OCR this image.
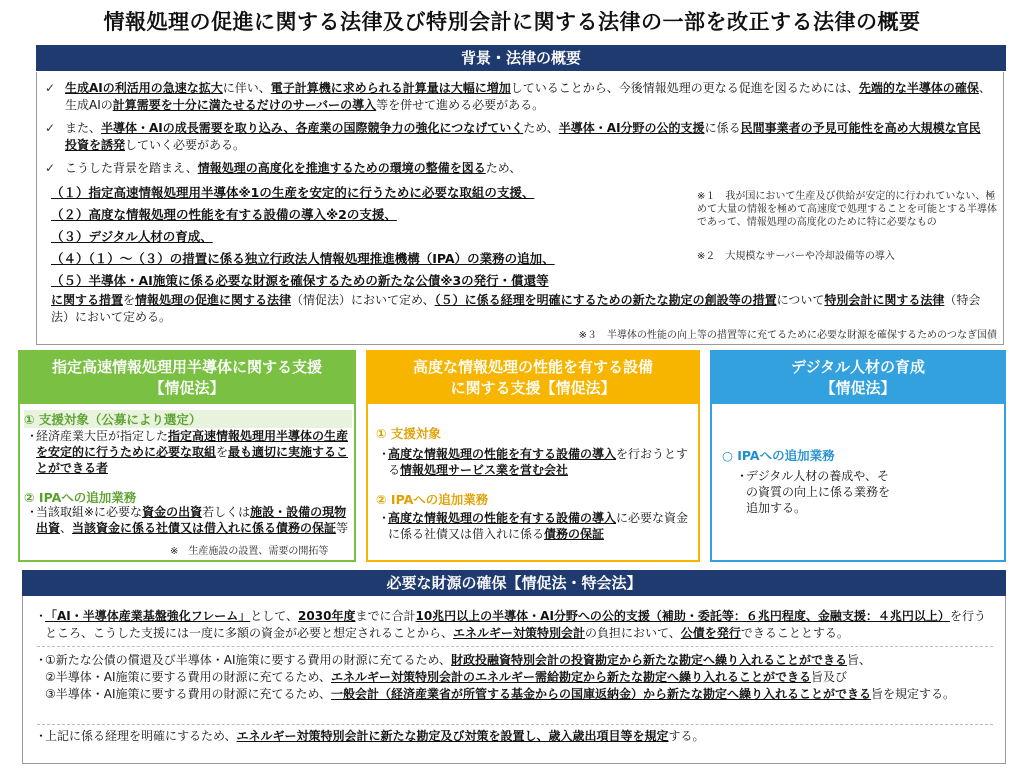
情報処理の促進に関する法律及び特別会計に関する法律の一部を改正する法律の概要
背景・法律の概要
✓ 生成AIの利活用の急速な拡大に伴い、電子計算機に求められる計算量は大幅に増加していることから、今後情報処理の更なる促進を図るためには、先端的な半導体の確保、生成AIの計算需要を十分に満たせるだけのサーバーの導入等を併せて進める必要がある。
✓ また、半導体・AIの成長需要を取り込み、各産業の国際競争力の強化につなげていくため、半導体・AI分野の公的支援に係る民間事業者の予見可能性を高め大規模な官民投資を誘発していく必要がある。
✓ こうした背景を踏まえ、情報処理の高度化を推進するための環境の整備を図るため、
（１）指定高速情報処理用半導体※1の生産を安定的に行うために必要な取組の支援、
（２）高度な情報処理の性能を有する設備の導入※2の支援、
（３）デジタル人材の育成、
（４）（１）～（３）の措置に係る独立行政法人情報処理推進機構（IPA）の業務の追加、
（５）半導体・AI施策に係る必要な財源を確保するための新たな公債※3の発行・償還等
に関する措置を情報処理の促進に関する法律（情促法）において定め、（５）に係る経理を明確にするための新たな勘定の創設等の措置について特別会計に関する法律（特会法）において定める。
※１　我が国において生産及び供給が安定的に行われていない、極めて大量の情報を極めて高速度で処理することを可能とする半導体であって、情報処理の高度化のために特に必要なもの
※２　大規模なサーバーや冷却設備等の導入
※３　半導体の性能の向上等の措置等に充てるために必要な財源を確保するためのつなぎ国債
指定高速情報処理用半導体に関する支援
【情促法】
① 支援対象（公募により選定）
・
経済産業大臣が指定した指定高速情報処理用半導体の生産を安定的に行うために必要な取組を最も適切に実施することができる者
② IPAへの追加業務
・
当該取組※に必要な資金の出資若しくは施設・設備の現物出資、当該資金に係る社債又は借入れに係る債務の保証等
※　生産施設の設置、需要の開拓等
高度な情報処理の性能を有する設備
に関する支援【情促法】
① 支援対象
・
高度な情報処理の性能を有する設備の導入を行おうとする情報処理サービス業を営む会社
② IPAへの追加業務
・
高度な情報処理の性能を有する設備の導入に必要な資金に係る社債又は借入れに係る債務の保証
デジタル人材の育成
【情促法】
○ IPAへの追加業務
・
デジタル人材の養成や、その資質の向上に係る業務を追加する。
必要な財源の確保【情促法・特会法】
・
「AI・半導体産業基盤強化フレーム」として、2030年度までに合計10兆円以上の半導体・AI分野への公的支援（補助・委託等：６兆円程度、金融支援：４兆円以上）を行うところ、こうした支援には一度に多額の資金が必要と想定されることから、エネルギー対策特別会計の負担において、公債を発行できることとする。
・
①新たな公債の償還及び半導体・AI施策に要する費用の財源に充てるため、財政投融資特別会計の投資勘定から新たな勘定へ繰り入れることができる旨、
②半導体・AI施策に要する費用の財源に充てるため、エネルギー対策特別会計のエネルギー需給勘定から新たな勘定へ繰り入れることができる旨及び
③半導体・AI施策に要する費用の財源に充てるため、一般会計（経済産業省が所管する基金からの国庫返納金）から新たな勘定へ繰り入れることができる旨を規定する。
・
上記に係る経理を明確にするため、エネルギー対策特別会計に新たな勘定及び対策を設置し、歳入歳出項目等を規定する。
